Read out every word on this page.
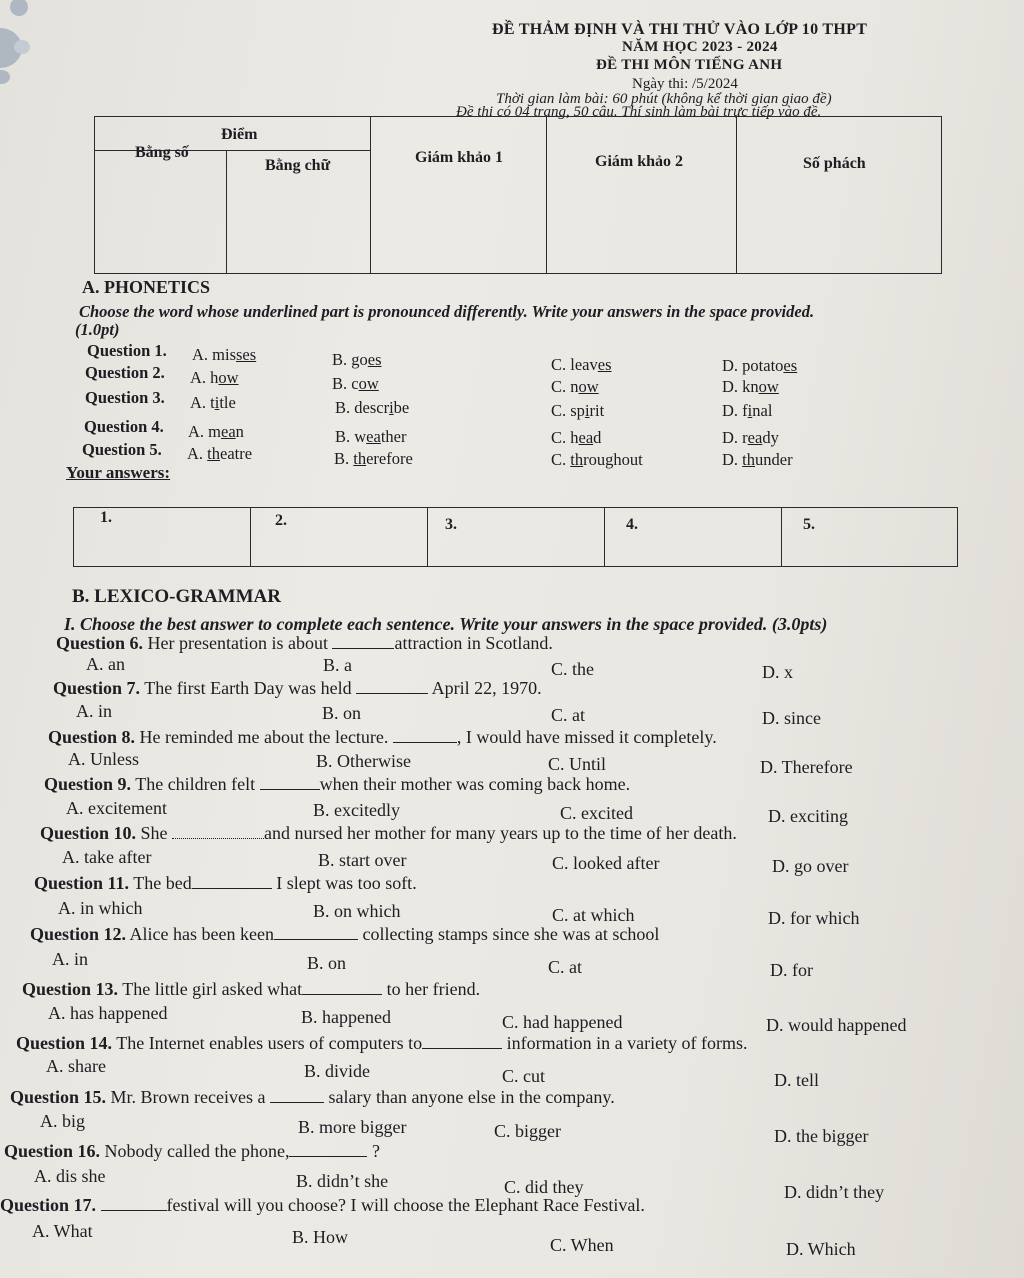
ĐỀ THẢM ĐỊNH VÀ THI THỬ VÀO LỚP 10 THPT
NĂM HỌC 2023 - 2024
ĐỀ THI MÔN TIẾNG ANH
Ngày thi: /5/2024
Thời gian làm bài: 60 phút (không kể thời gian giao đề)
Đề thi có 04 trang, 50 câu. Thí sinh làm bài trực tiếp vào đề.
Điểm
Bằng số
Bằng chữ		Giám khảo 1	Giám khảo 2	Số phách

A. PHONETICS
Choose the word whose underlined part is pronounced differently. Write your answers in the space provided.
(1.0pt)
Question 1. A. misses	B. goes	C. leaves	D. potatoes
Question 2. A. how	B. cow	C. now	D. know
Question 3. A. title	B. describe	C. spirit	D. final
Question 4. A. mean	B. weather	C. head	D. ready
Question 5. A. theatre	B. therefore	C. throughout	D. thunder
Your answers:
1.	2.	3.	4.	5.
B. LEXICO-GRAMMAR
I. Choose the best answer to complete each sentence. Write your answers in the space provided. (3.0pts)
Question 6. Her presentation is about	attraction in Scotland.
A. an	B. a	C. the	D. x
Question 7. The first Earth Day was held	April 22, 1970.
A. in	B. on	C. at	D. since
Question 8. He reminded me about the lecture.	, I would have missed it completely.
A. Unless	B. Otherwise	C. Until	D. Therefore
Question 9. The children felt	when their mother was coming back home.
A. excitement	B. excitedly	C. excited	D. exciting
Question 10. She	and nursed her mother for many years up to the time of her death.
A. take after	B. start over	C. looked after	D. go over
Question 11. The bed	I slept was too soft.
A. in which	B. on which	C. at which	D. for which
Question 12. Alice has been keen	collecting stamps since she was at school
A. in	B. on	C. at	D. for
Question 13. The little girl asked what	to her friend.
A. has happened	B. happened	C. had happened	D. would happened
Question 14. The Internet enables users of computers to	information in a variety of forms.
A. share	B. divide	C. cut	D. tell
Question 15. Mr. Brown receives a	salary than anyone else in the company.
A. big	B. more bigger	C. bigger	D. the bigger
Question 16. Nobody called the phone,	?
A. dis she	B. didn’t she	C. did they	D. didn’t they
Question 17.	festival will you choose? I will choose the Elephant Race Festival.
A. What	B. How	C. When	D. Which
